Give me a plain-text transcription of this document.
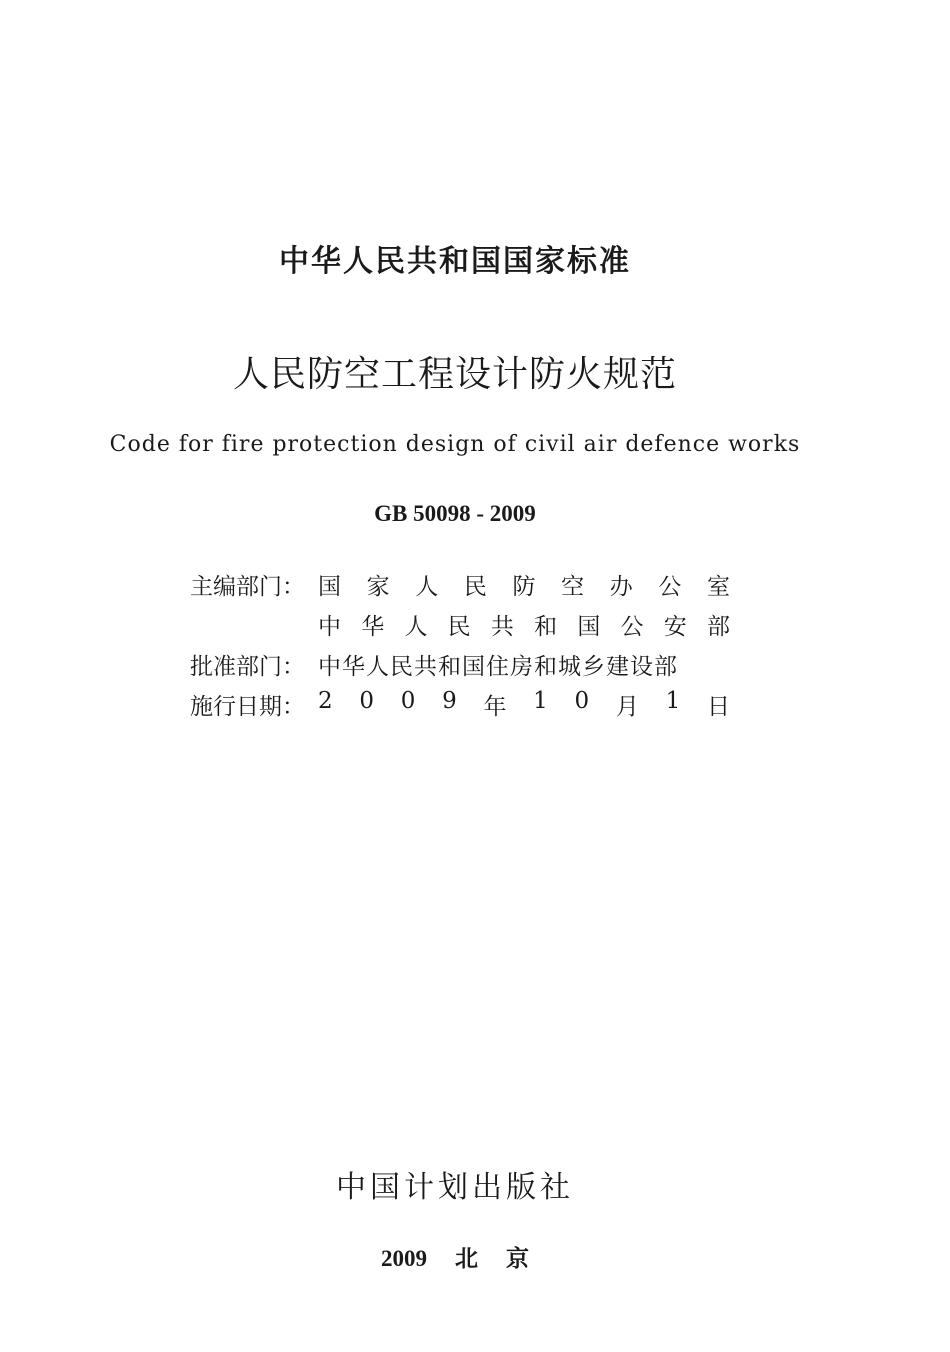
中华人民共和国国家标准
人民防空工程设计防火规范
Code for fire protection design of civil air defence works
GB 50098 - 2009
主编部门： 国 家 人 民 防 空 办 公 室
中 华 人 民 共 和 国 公 安 部
批准部门： 中华人民共和国住房和城乡建设部
施行日期： 2 0 0 9 年 1 0 月 1 日
中国计划出版社
2009 北 京
